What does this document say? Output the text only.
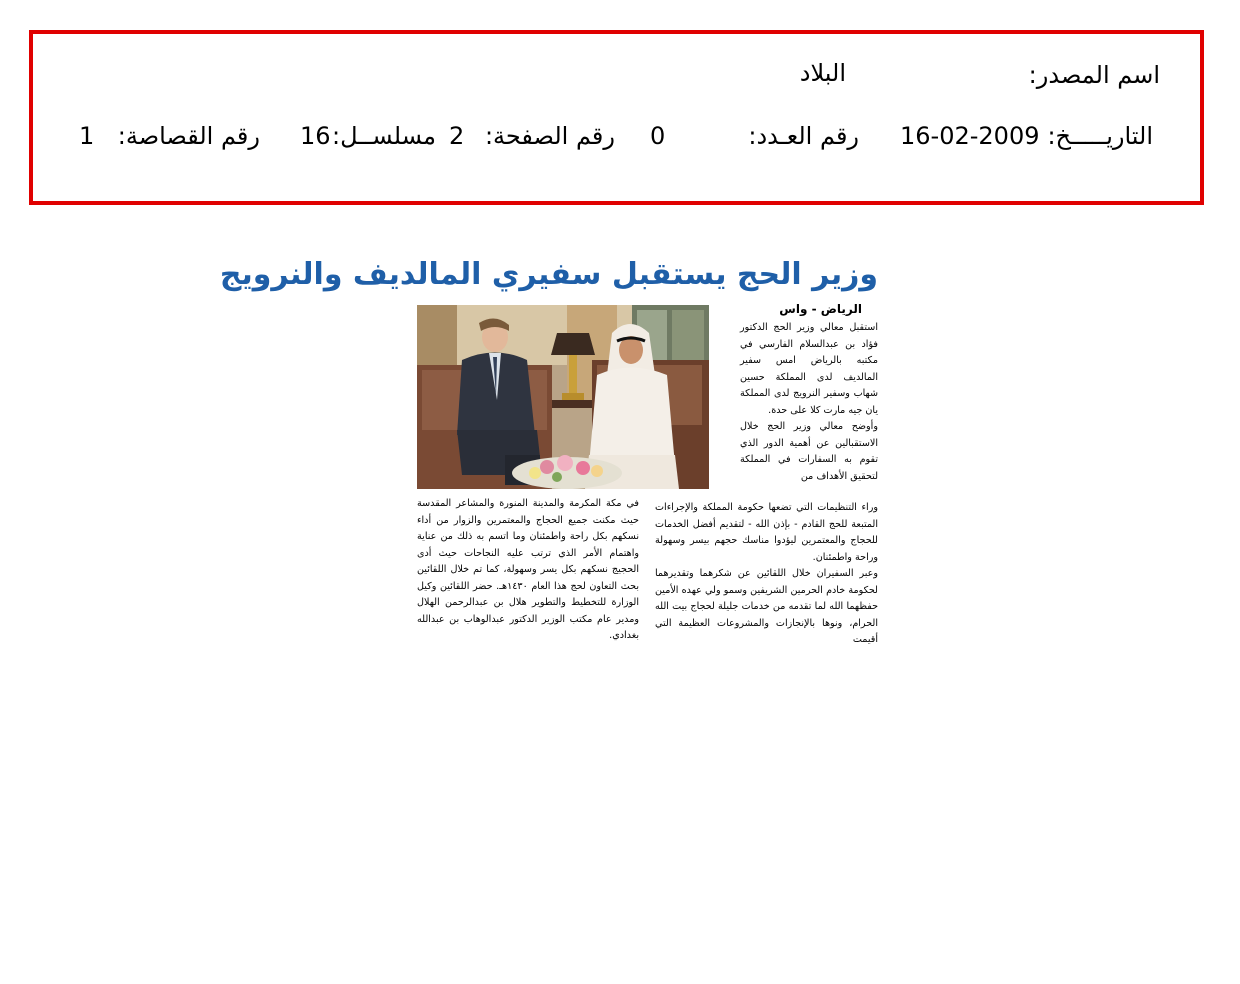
اسم المصدر:
البلاد
التاريـــــخ:
16-02-2009
رقم العـدد:
0
رقم الصفحة:
2
مسلســل:
16
رقم القصاصة:
1
وزير الحج يستقبل سفيري المالديف والنرويج
الرياض - واس

استقبل معالي وزير الحج الدكتور فؤاد بن عبدالسلام الفارسي في مكتبه بالرياض امس سفير المالديف لدى المملكة حسين شهاب وسفير النرويج لدى المملكة يان جيه مارت كلا على حدة.

وأوضح معالي وزير الحج خلال الاستقبالين عن أهمية الدور الذي تقوم به السفارات في المملكة لتحقيق الأهداف من

وراء التنظيمات التي تضعها حكومة المملكة والإجراءات المتبعة للحج القادم - بإذن الله - لتقديم أفضل الخدمات للحجاج والمعتمرين ليؤدوا مناسك حجهم بيسر وسهولة وراحة واطمئنان.

وعبر السفيران خلال اللقائين عن شكرهما وتقديرهما لحكومة خادم الحرمين الشريفين وسمو ولي عهده الأمين حفظهما الله لما تقدمه من خدمات جليلة لحجاج بيت الله الحرام، ونوها بالإنجازات والمشروعات العظيمة التي أقيمت

في مكة المكرمة والمدينة المنورة والمشاعر المقدسة حيث مكنت جميع الحجاج والمعتمرين والزوار من أداء نسكهم بكل راحة واطمئنان وما اتسم به ذلك من عناية واهتمام الأمر الذي ترتب عليه النجاحات حيث أدى الحجيج نسكهم بكل يسر وسهولة، كما تم خلال اللقائين بحث التعاون لحج هذا العام ١٤٣٠هـ. حضر اللقائين وكيل الوزارة للتخطيط والتطوير هلال بن عبدالرحمن الهلال ومدير عام مكتب الوزير الدكتور عبدالوهاب بن عبدالله بغدادي.
